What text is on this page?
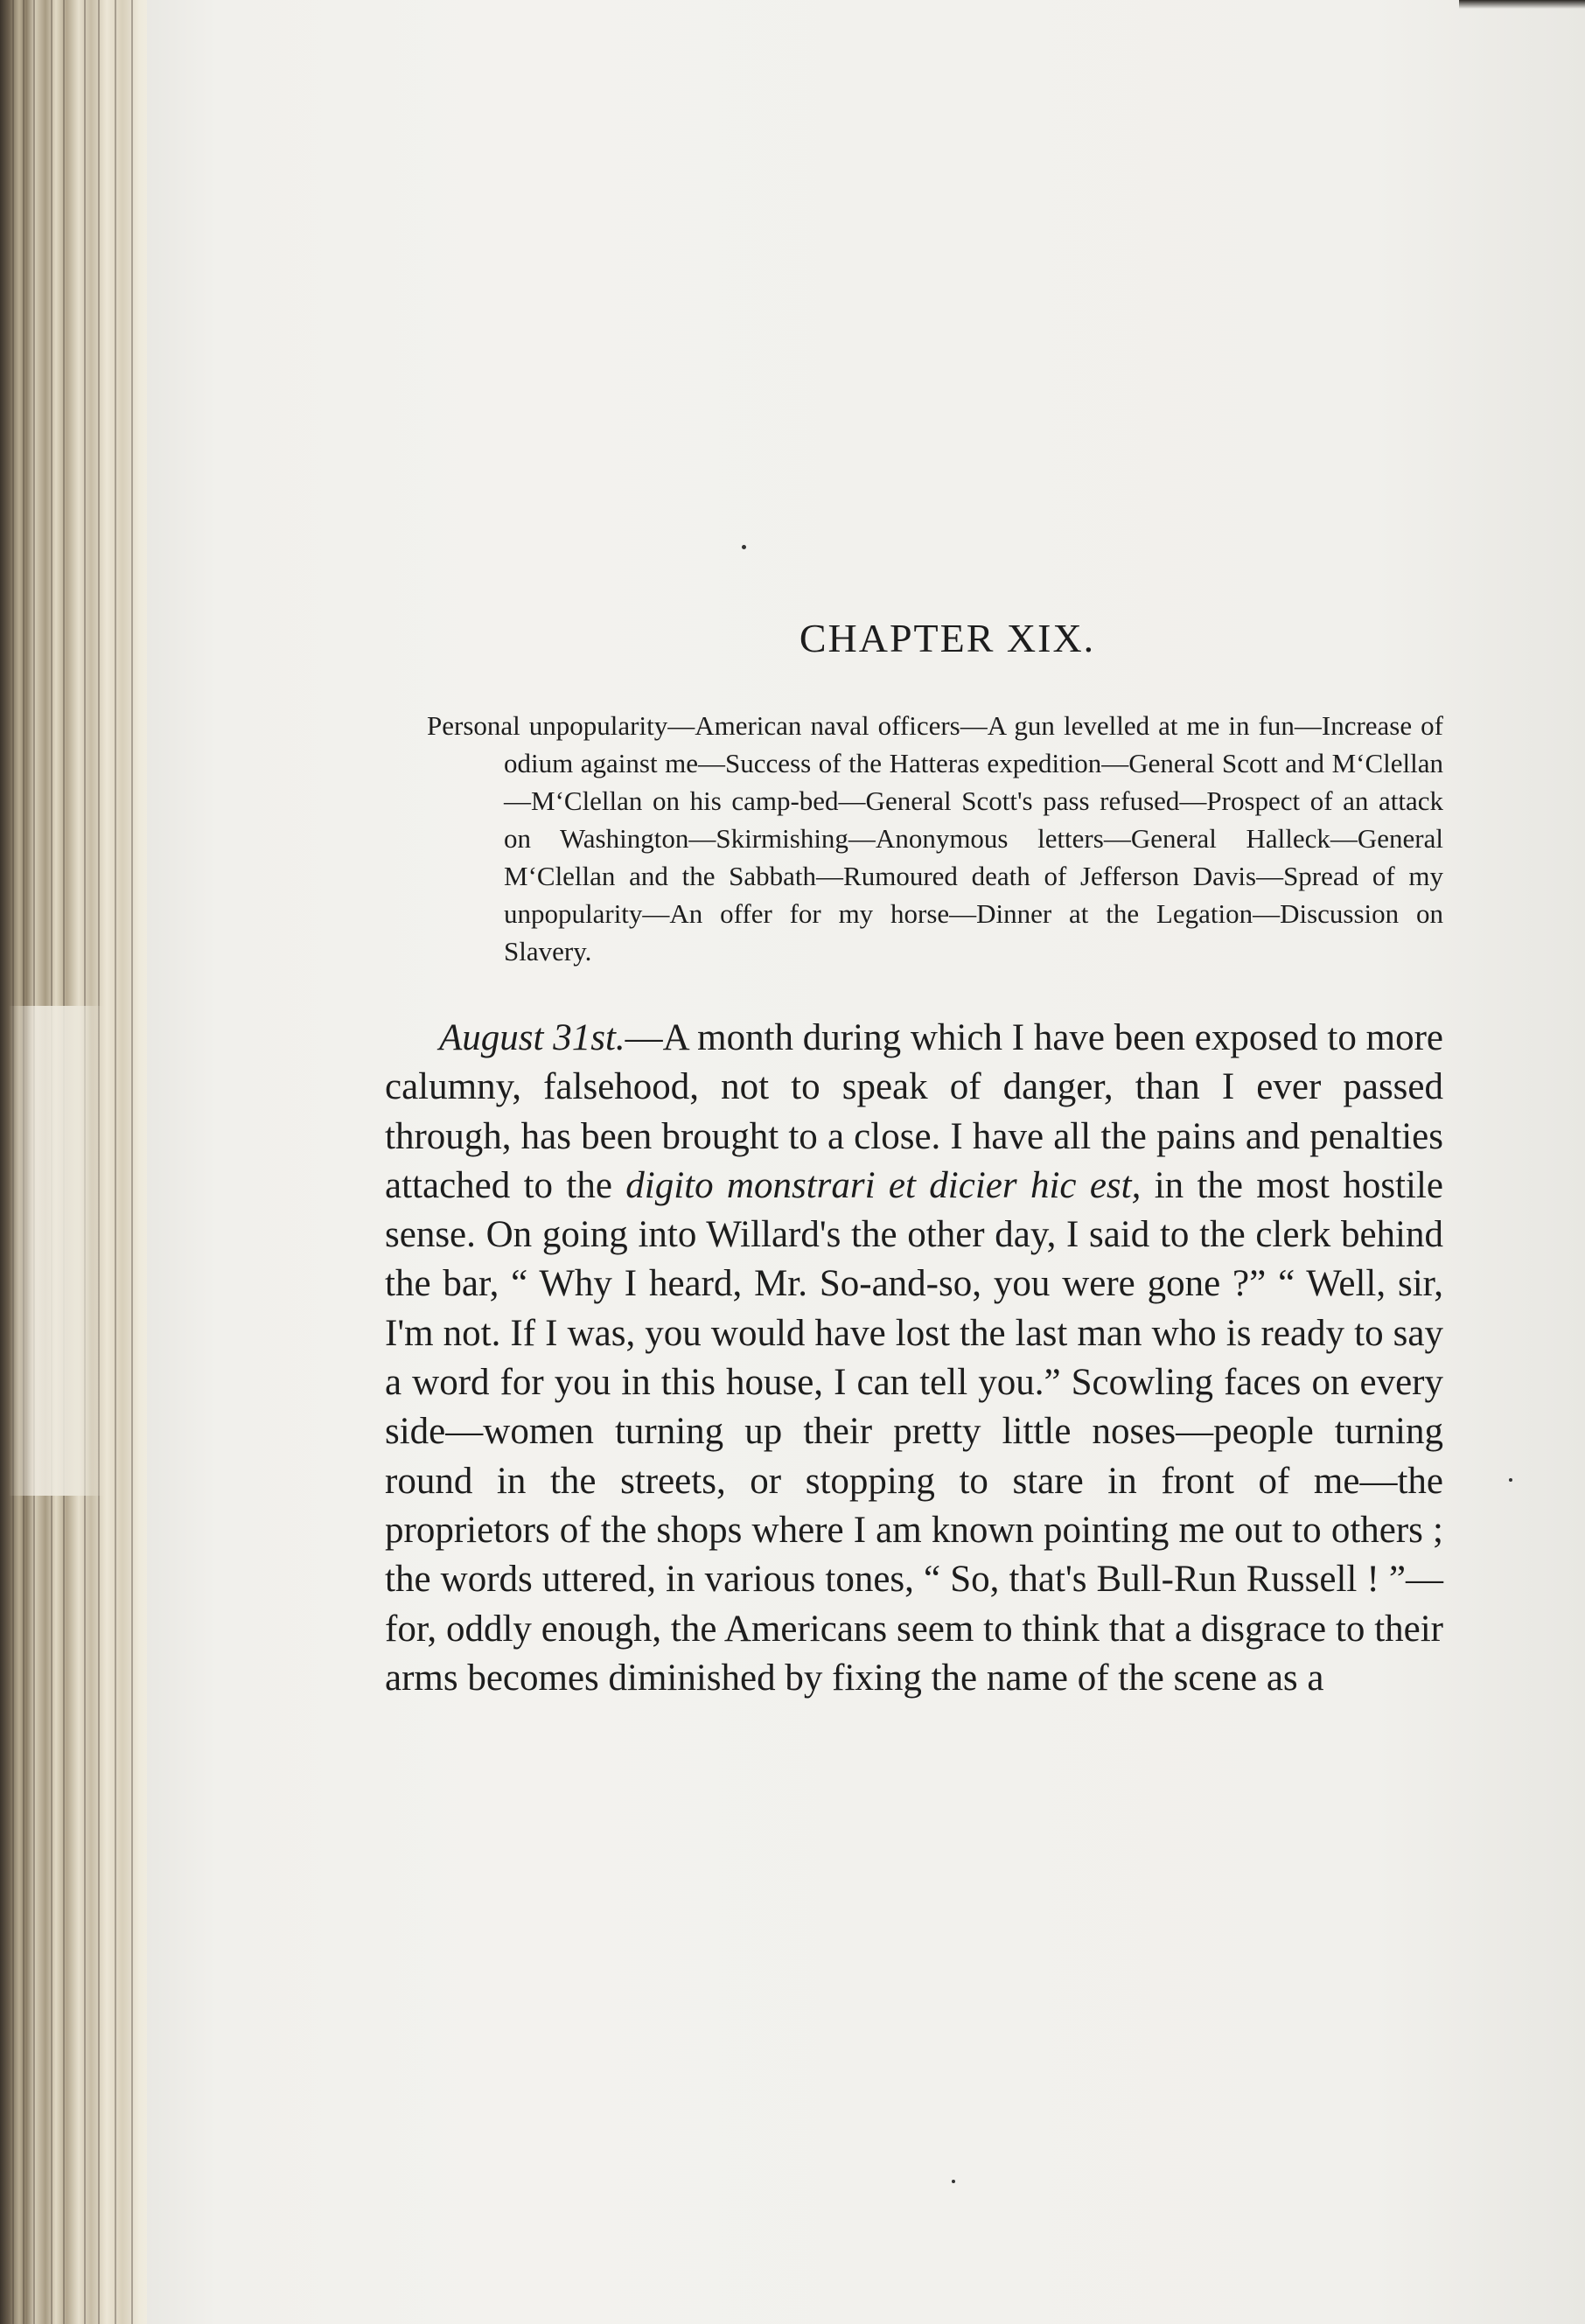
CHAPTER XIX.

Personal unpopularity—American naval officers—A gun levelled at me in fun—Increase of odium against me—Success of the Hatteras expedition—General Scott and M‘Clellan—M‘Clellan on his camp-bed—General Scott's pass refused—Prospect of an attack on Washington—Skirmishing—Anonymous letters—General Halleck—General M‘Clellan and the Sabbath—Rumoured death of Jefferson Davis—Spread of my unpopularity—An offer for my horse—Dinner at the Legation—Discussion on Slavery.

August 31st.—A month during which I have been exposed to more calumny, falsehood, not to speak of danger, than I ever passed through, has been brought to a close. I have all the pains and penalties attached to the digito monstrari et dicier hic est, in the most hostile sense. On going into Willard's the other day, I said to the clerk behind the bar, “ Why I heard, Mr. So-and-so, you were gone ?” “ Well, sir, I'm not. If I was, you would have lost the last man who is ready to say a word for you in this house, I can tell you.” Scowling faces on every side—women turning up their pretty little noses—people turning round in the streets, or stopping to stare in front of me—the proprietors of the shops where I am known pointing me out to others ; the words uttered, in various tones, “ So, that's Bull-Run Russell ! ”—for, oddly enough, the Americans seem to think that a disgrace to their arms becomes diminished by fixing the name of the scene as a
